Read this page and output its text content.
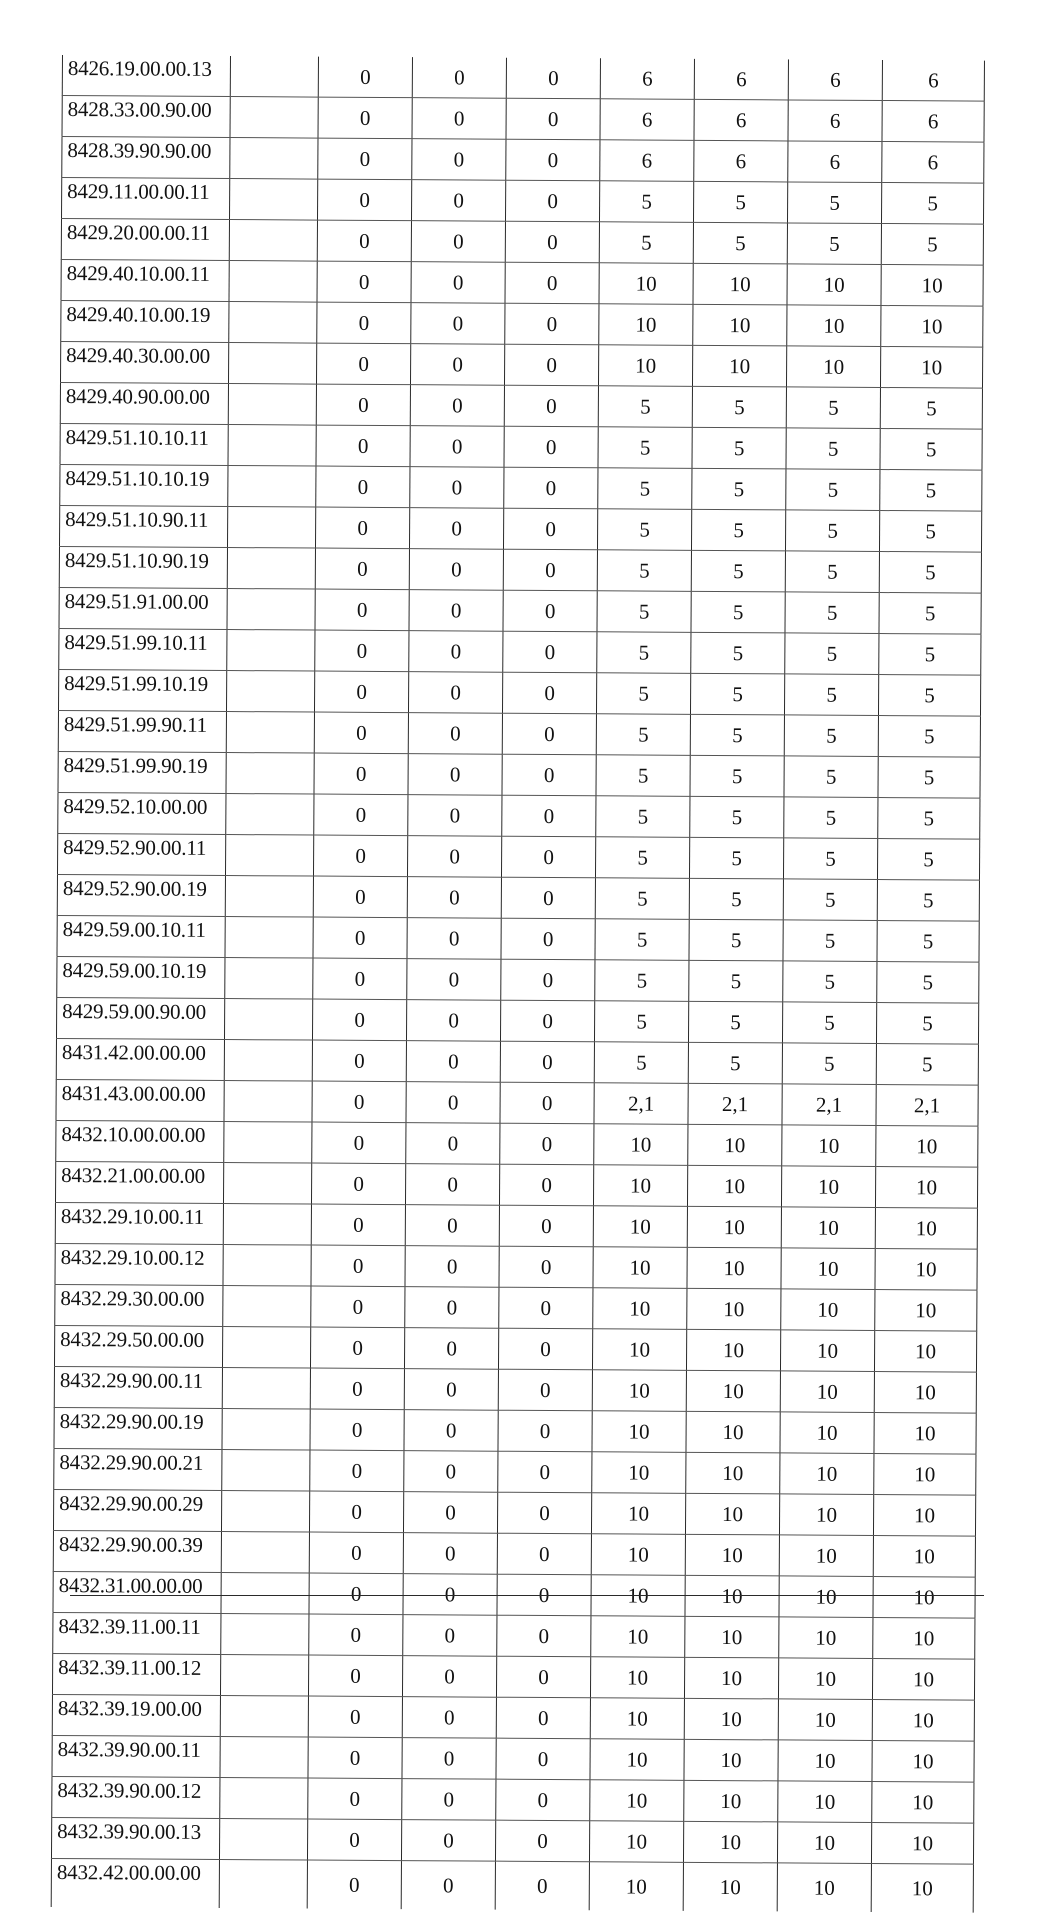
8426.19.00.00.13		0	0	0	6	6	6	6
8428.33.00.90.00		0	0	0	6	6	6	6
8428.39.90.90.00		0	0	0	6	6	6	6
8429.11.00.00.11		0	0	0	5	5	5	5
8429.20.00.00.11		0	0	0	5	5	5	5
8429.40.10.00.11		0	0	0	10	10	10	10
8429.40.10.00.19		0	0	0	10	10	10	10
8429.40.30.00.00		0	0	0	10	10	10	10
8429.40.90.00.00		0	0	0	5	5	5	5
8429.51.10.10.11		0	0	0	5	5	5	5
8429.51.10.10.19		0	0	0	5	5	5	5
8429.51.10.90.11		0	0	0	5	5	5	5
8429.51.10.90.19		0	0	0	5	5	5	5
8429.51.91.00.00		0	0	0	5	5	5	5
8429.51.99.10.11		0	0	0	5	5	5	5
8429.51.99.10.19		0	0	0	5	5	5	5
8429.51.99.90.11		0	0	0	5	5	5	5
8429.51.99.90.19		0	0	0	5	5	5	5
8429.52.10.00.00		0	0	0	5	5	5	5
8429.52.90.00.11		0	0	0	5	5	5	5
8429.52.90.00.19		0	0	0	5	5	5	5
8429.59.00.10.11		0	0	0	5	5	5	5
8429.59.00.10.19		0	0	0	5	5	5	5
8429.59.00.90.00		0	0	0	5	5	5	5
8431.42.00.00.00		0	0	0	5	5	5	5
8431.43.00.00.00		0	0	0	2,1	2,1	2,1	2,1
8432.10.00.00.00		0	0	0	10	10	10	10
8432.21.00.00.00		0	0	0	10	10	10	10
8432.29.10.00.11		0	0	0	10	10	10	10
8432.29.10.00.12		0	0	0	10	10	10	10
8432.29.30.00.00		0	0	0	10	10	10	10
8432.29.50.00.00		0	0	0	10	10	10	10
8432.29.90.00.11		0	0	0	10	10	10	10
8432.29.90.00.19		0	0	0	10	10	10	10
8432.29.90.00.21		0	0	0	10	10	10	10
8432.29.90.00.29		0	0	0	10	10	10	10
8432.29.90.00.39		0	0	0	10	10	10	10
8432.31.00.00.00		0	0	0	10	10	10	10
8432.39.11.00.11		0	0	0	10	10	10	10
8432.39.11.00.12		0	0	0	10	10	10	10
8432.39.19.00.00		0	0	0	10	10	10	10
8432.39.90.00.11		0	0	0	10	10	10	10
8432.39.90.00.12		0	0	0	10	10	10	10
8432.39.90.00.13		0	0	0	10	10	10	10
8432.42.00.00.00		0	0	0	10	10	10	10
